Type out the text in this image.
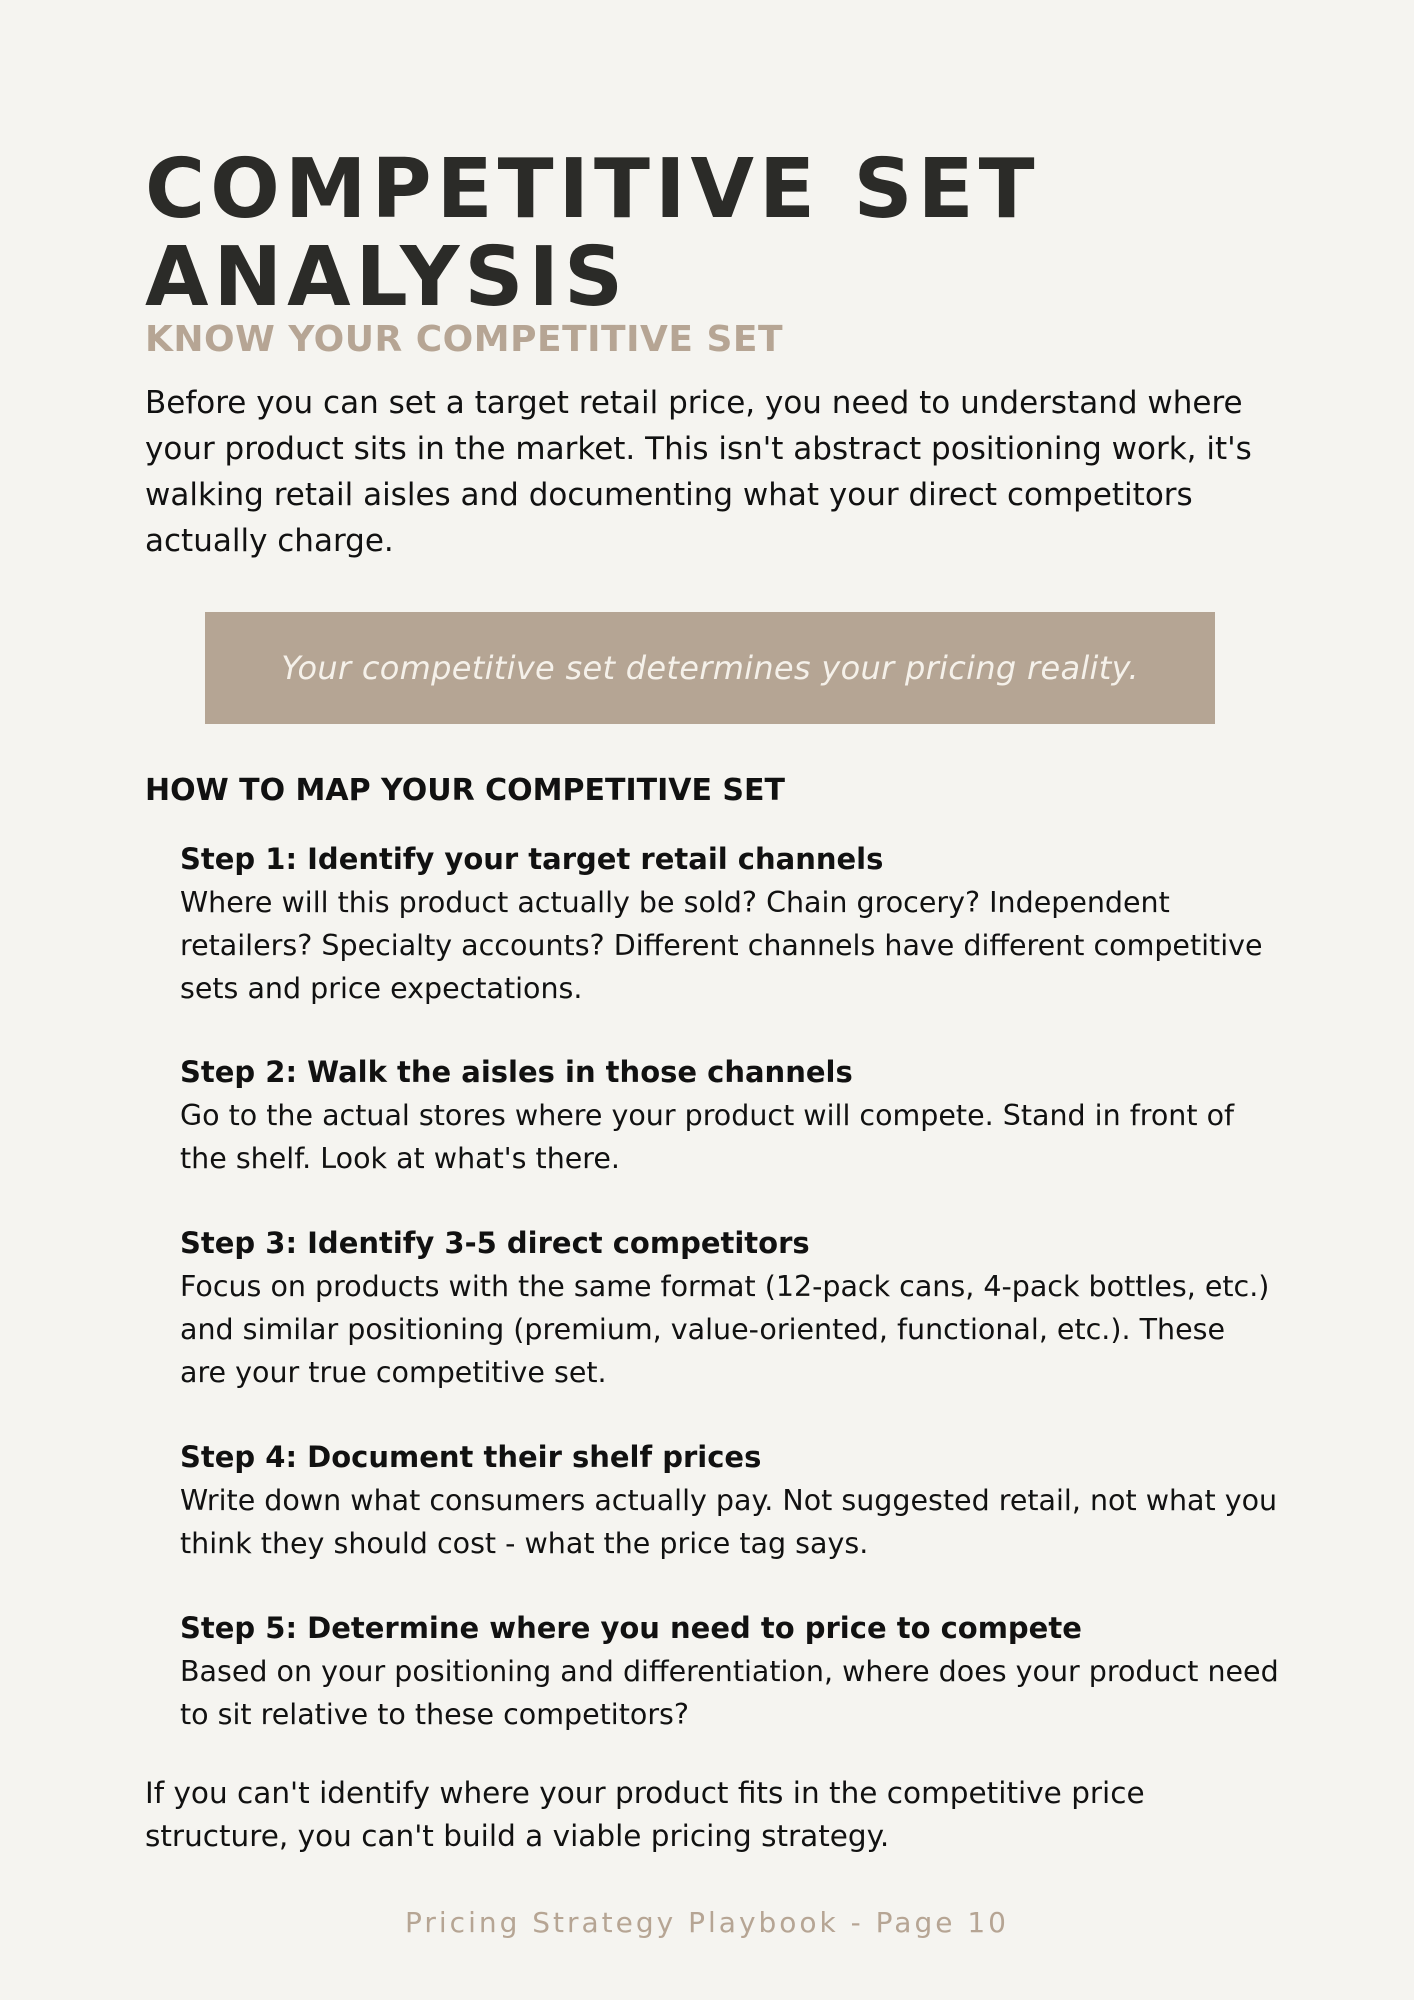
COMPETITIVE SET
ANALYSIS
KNOW YOUR COMPETITIVE SET

Before you can set a target retail price, you need to understand where your product sits in the market. This isn't abstract positioning work, it's walking retail aisles and documenting what your direct competitors actually charge.

Your competitive set determines your pricing reality.
HOW TO MAP YOUR COMPETITIVE SET
Step 1: Identify your target retail channels
Where will this product actually be sold? Chain grocery? Independent retailers? Specialty accounts? Different channels have different competitive sets and price expectations.
Step 2: Walk the aisles in those channels
Go to the actual stores where your product will compete. Stand in front of the shelf. Look at what's there.
Step 3: Identify 3-5 direct competitors
Focus on products with the same format (12-pack cans, 4-pack bottles, etc.) and similar positioning (premium, value-oriented, functional, etc.). These are your true competitive set.
Step 4: Document their shelf prices
Write down what consumers actually pay. Not suggested retail, not what you think they should cost - what the price tag says.
Step 5: Determine where you need to price to compete
Based on your positioning and differentiation, where does your product need to sit relative to these competitors?

If you can't identify where your product fits in the competitive price structure, you can't build a viable pricing strategy.

Pricing Strategy Playbook - Page 10
